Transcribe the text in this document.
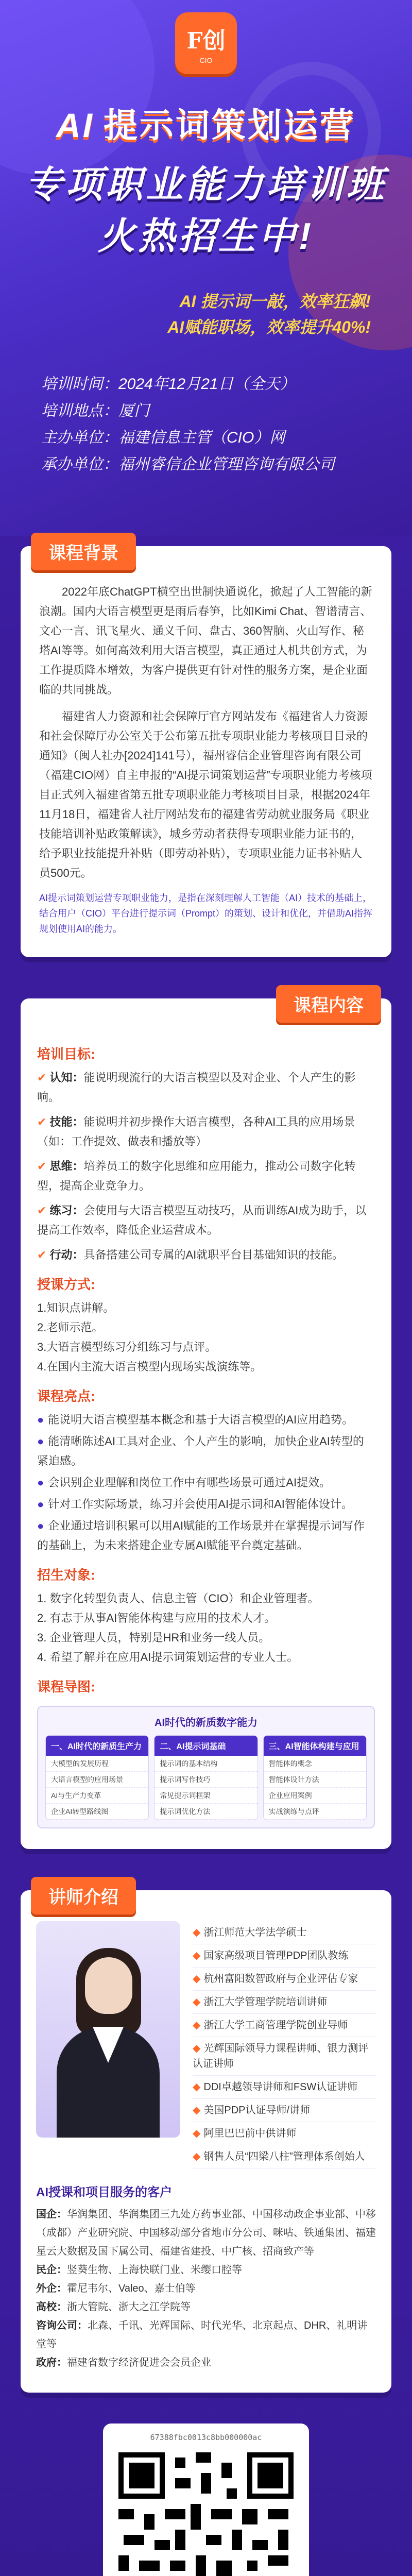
F创
CIO
AI 提示词策划运营
专项职业能力培训班
火热招生中!
AI 提示词一敲，效率狂飙!
AI赋能职场，效率提升40%!
培训时间：2024年12月21日（全天）
培训地点：厦门
主办单位：福建信息主管（CIO）网
承办单位：福州睿信企业管理咨询有限公司
课程背景

2022年底ChatGPT横空出世制快通说化，掀起了人工智能的新浪潮。国内大语言模型更是雨后春笋，比如Kimi Chat、智谱清言、文心一言、讯飞星火、通义千问、盘古、360智脑、火山写作、秘塔AI等等。如何高效利用大语言模型，真正通过人机共创方式，为工作提质降本增效，为客户提供更有针对性的服务方案，是企业面临的共同挑战。

福建省人力资源和社会保障厅官方网站发布《福建省人力资源和社会保障厅办公室关于公布第五批专项职业能力考核项目目录的通知》（闽人社办[2024]141号），福州睿信企业管理咨询有限公司（福建CIO网）自主申报的“AI提示词策划运营”专项职业能力考核项目正式列入福建省第五批专项职业能力考核项目目录，根据2024年11月18日，福建省人社厅网站发布的福建省劳动就业服务局《职业技能培训补贴政策解读》，城乡劳动者获得专项职业能力证书的，给予职业技能提升补贴（即劳动补贴），专项职业能力证书补贴人员500元。

AI提示词策划运营专项职业能力，是指在深刻理解人工智能（AI）技术的基础上，结合用户（CIO）平台进行提示词（Prompt）的策划、设计和优化，并借助AI指挥规划使用AI的能力。

课程内容
培训目标:
✔ 认知：能说明现流行的大语言模型以及对企业、个人产生的影响。
✔ 技能：能说明并初步操作大语言模型，各种AI工具的应用场景（如：工作提效、做表和播放等）
✔ 思维：培养员工的数字化思维和应用能力，推动公司数字化转型，提高企业竞争力。
✔ 练习：会使用与大语言模型互动技巧，从而训练AI成为助手，以提高工作效率，降低企业运营成本。
✔ 行动：具备搭建公司专属的AI就职平台目基础知识的技能。
授课方式:
1.知识点讲解。
2.老师示范。
3.大语言模型练习分组练习与点评。
4.在国内主流大语言模型内现场实战演练等。
课程亮点:
● 能说明大语言模型基本概念和基于大语言模型的AI应用趋势。
● 能清晰陈述AI工具对企业、个人产生的影响，加快企业AI转型的紧迫感。
● 会识别企业理解和岗位工作中有哪些场景可通过AI提效。
● 针对工作实际场景，练习并会使用AI提示词和AI智能体设计。
● 企业通过培训积累可以用AI赋能的工作场景并在掌握提示词写作的基础上，为未来搭建企业专属AI赋能平台奠定基础。
招生对象:
1. 数字化转型负责人、信息主管（CIO）和企业管理者。
2. 有志于从事AI智能体构建与应用的技术人才。
3. 企业管理人员，特别是HR和业务一线人员。
4. 希望了解并在应用AI提示词策划运营的专业人士。
课程导图:
AI时代的新质数字能力
一、AI时代的新质生产力
大模型的发展历程
大语言模型的应用场景
AI与生产力变革
企业AI转型路线图
二、AI提示词基础
提示词的基本结构
提示词写作技巧
常见提示词框架
提示词优化方法
三、AI智能体构建与应用
智能体的概念
智能体设计方法
企业应用案例
实战演练与点评
讲师介绍
◆ 浙江师范大学法学硕士
◆ 国家高级项目管理PDP团队教练
◆ 杭州富阳数智政府与企业评估专家
◆ 浙江大学管理学院培训讲师
◆ 浙江大学工商管理学院创业导师
◆ 光辉国际领导力课程讲师、银力测评认证讲师
◆ DDI卓越领导讲师和FSW认证讲师
◆ 美国PDP认证导师/讲师
◆ 阿里巴巴前中供讲师
◆ 钢售人员“四梁八柱”管理体系创始人
AI授课和项目服务的客户
国企：华润集团、华润集团三九处方药事业部、中国移动政企事业部、中移（成都）产业研究院、中国移动部分省地市分公司、咪咕、铁通集团、福建星云大数据及国下属公司、福建省建投、中广核、招商致产等
民企：竖葵生物、上海快联门业、米缨口腔等
外企：霍尼韦尔、Valeo、嘉士伯等
高校：浙大管院、浙大之江学院等
咨询公司：北森、千讯、光辉国际、时代光华、北京起点、DHR、礼明讲堂等
政府：福建省数字经济促进会会员企业
67388fbc0013c8bb000000ac
